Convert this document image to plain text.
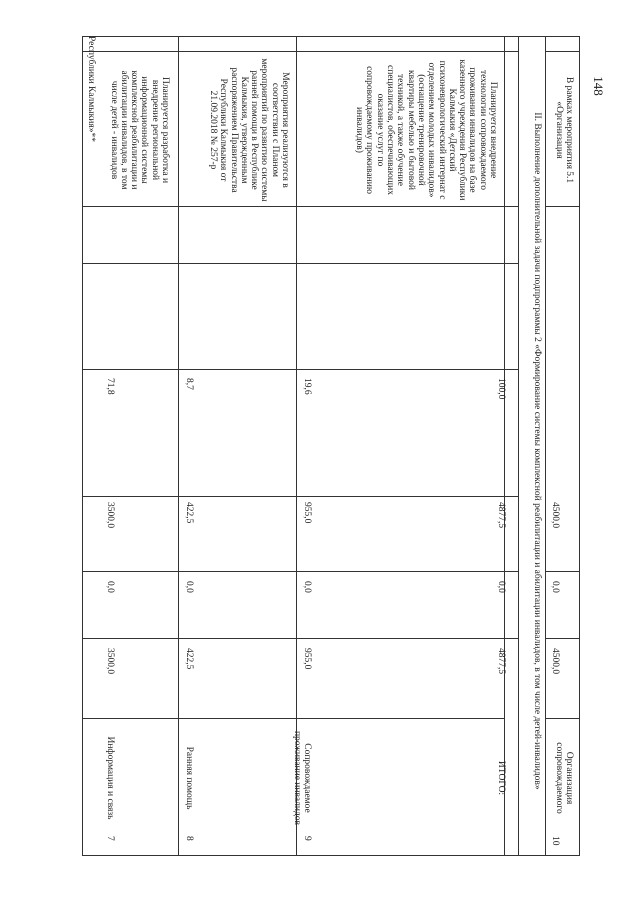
148
Республики Калмыкия»**
7
Информация и связь
3500,0
0,0
3500,0
71,8
Планируется разработка и внедрение региональной информационной системы комплексной реабилитации и абилитации инвалидов, в том числе детей - инвалидов
8
Ранняя помощь
422,5
0,0
422,5
8,7
Мероприятия реализуются в соответствии с Планом мероприятий по развитию системы ранней помощи в Республике Калмыкия, утвержденным распоряжением Правительства Республики Калмыкия от 21.09.2018 № 257-р
9
Сопровождаемое проживание инвалидов
955,0
0,0
955,0
19,6
Планируется внедрение технологии сопровождаемого проживания инвалидов на базе казенного учреждения Республики Калмыкия «Детский психоневрологический интернат с отделением молодых инвалидов» (оснащение тренировочной квартиры мебелью и бытовой техникой, а также обучение специалистов, обеспечивающих оказание услуг по сопровождаемому проживанию инвалидов)
ИТОГО:
4877,5
0,0
4877,5
100,0	II. Выполнение дополнительной задачи подпрограммы 2 «Формирование системы комплексной реабилитации и абилитации инвалидов, в том числе детей-инвалидов»
10
Организация сопровождаемого
4500,0
0,0
4500,0
В рамках мероприятия 5.1 «Организация
